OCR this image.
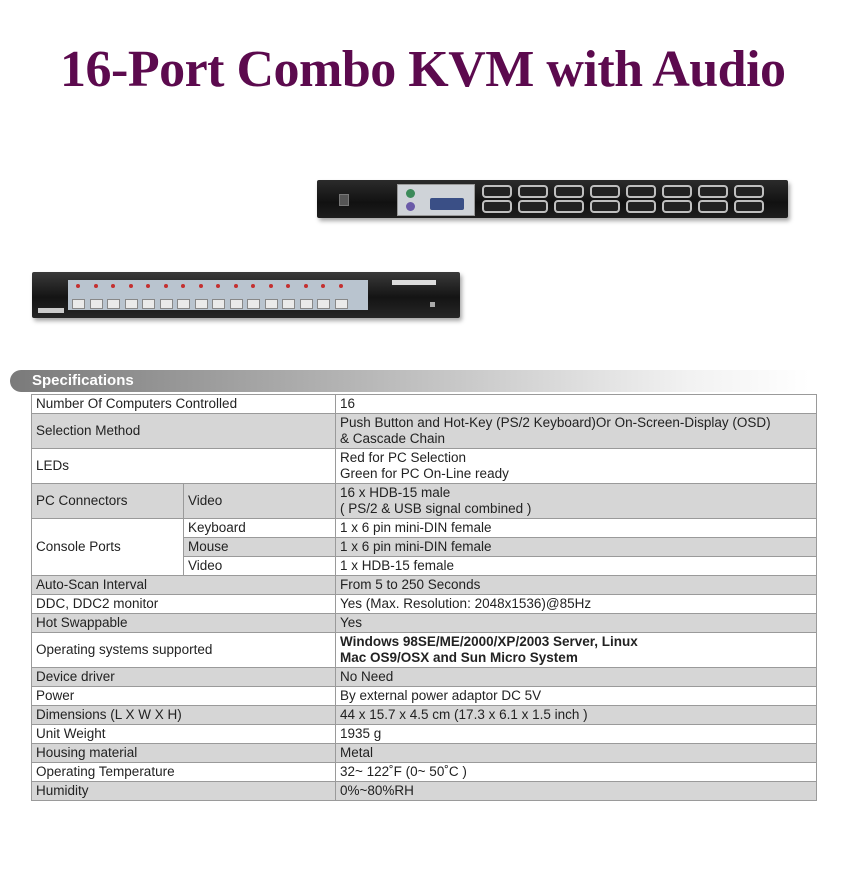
16-Port Combo KVM with Audio
Specifications
Number Of Computers Controlled		16
Selection Method		Push Button and Hot-Key (PS/2 Keyboard)Or On-Screen-Display (OSD)
& Cascade Chain

LEDs		Red for PC Selection
Green for PC On-Line ready

PC Connectors	Video	16 x HDB-15 male
( PS/2 & USB signal combined )

Console Ports	Keyboard	1 x 6 pin mini-DIN female
	Mouse	1 x 6 pin mini-DIN female
	Video	1 x HDB-15 female
Auto-Scan Interval		From 5 to 250 Seconds
DDC, DDC2 monitor		Yes (Max. Resolution: 2048x1536)@85Hz
Hot Swappable		Yes
Operating systems supported		Windows 98SE/ME/2000/XP/2003 Server, Linux
Mac OS9/OSX and Sun Micro System

Device driver		No Need
Power		By external power adaptor DC 5V
Dimensions (L X W X H)		44 x 15.7 x 4.5 cm (17.3 x 6.1 x 1.5 inch )
Unit Weight		1935 g
Housing material		Metal
Operating Temperature		32~ 122˚F (0~ 50˚C )
Humidity		0%~80%RH
